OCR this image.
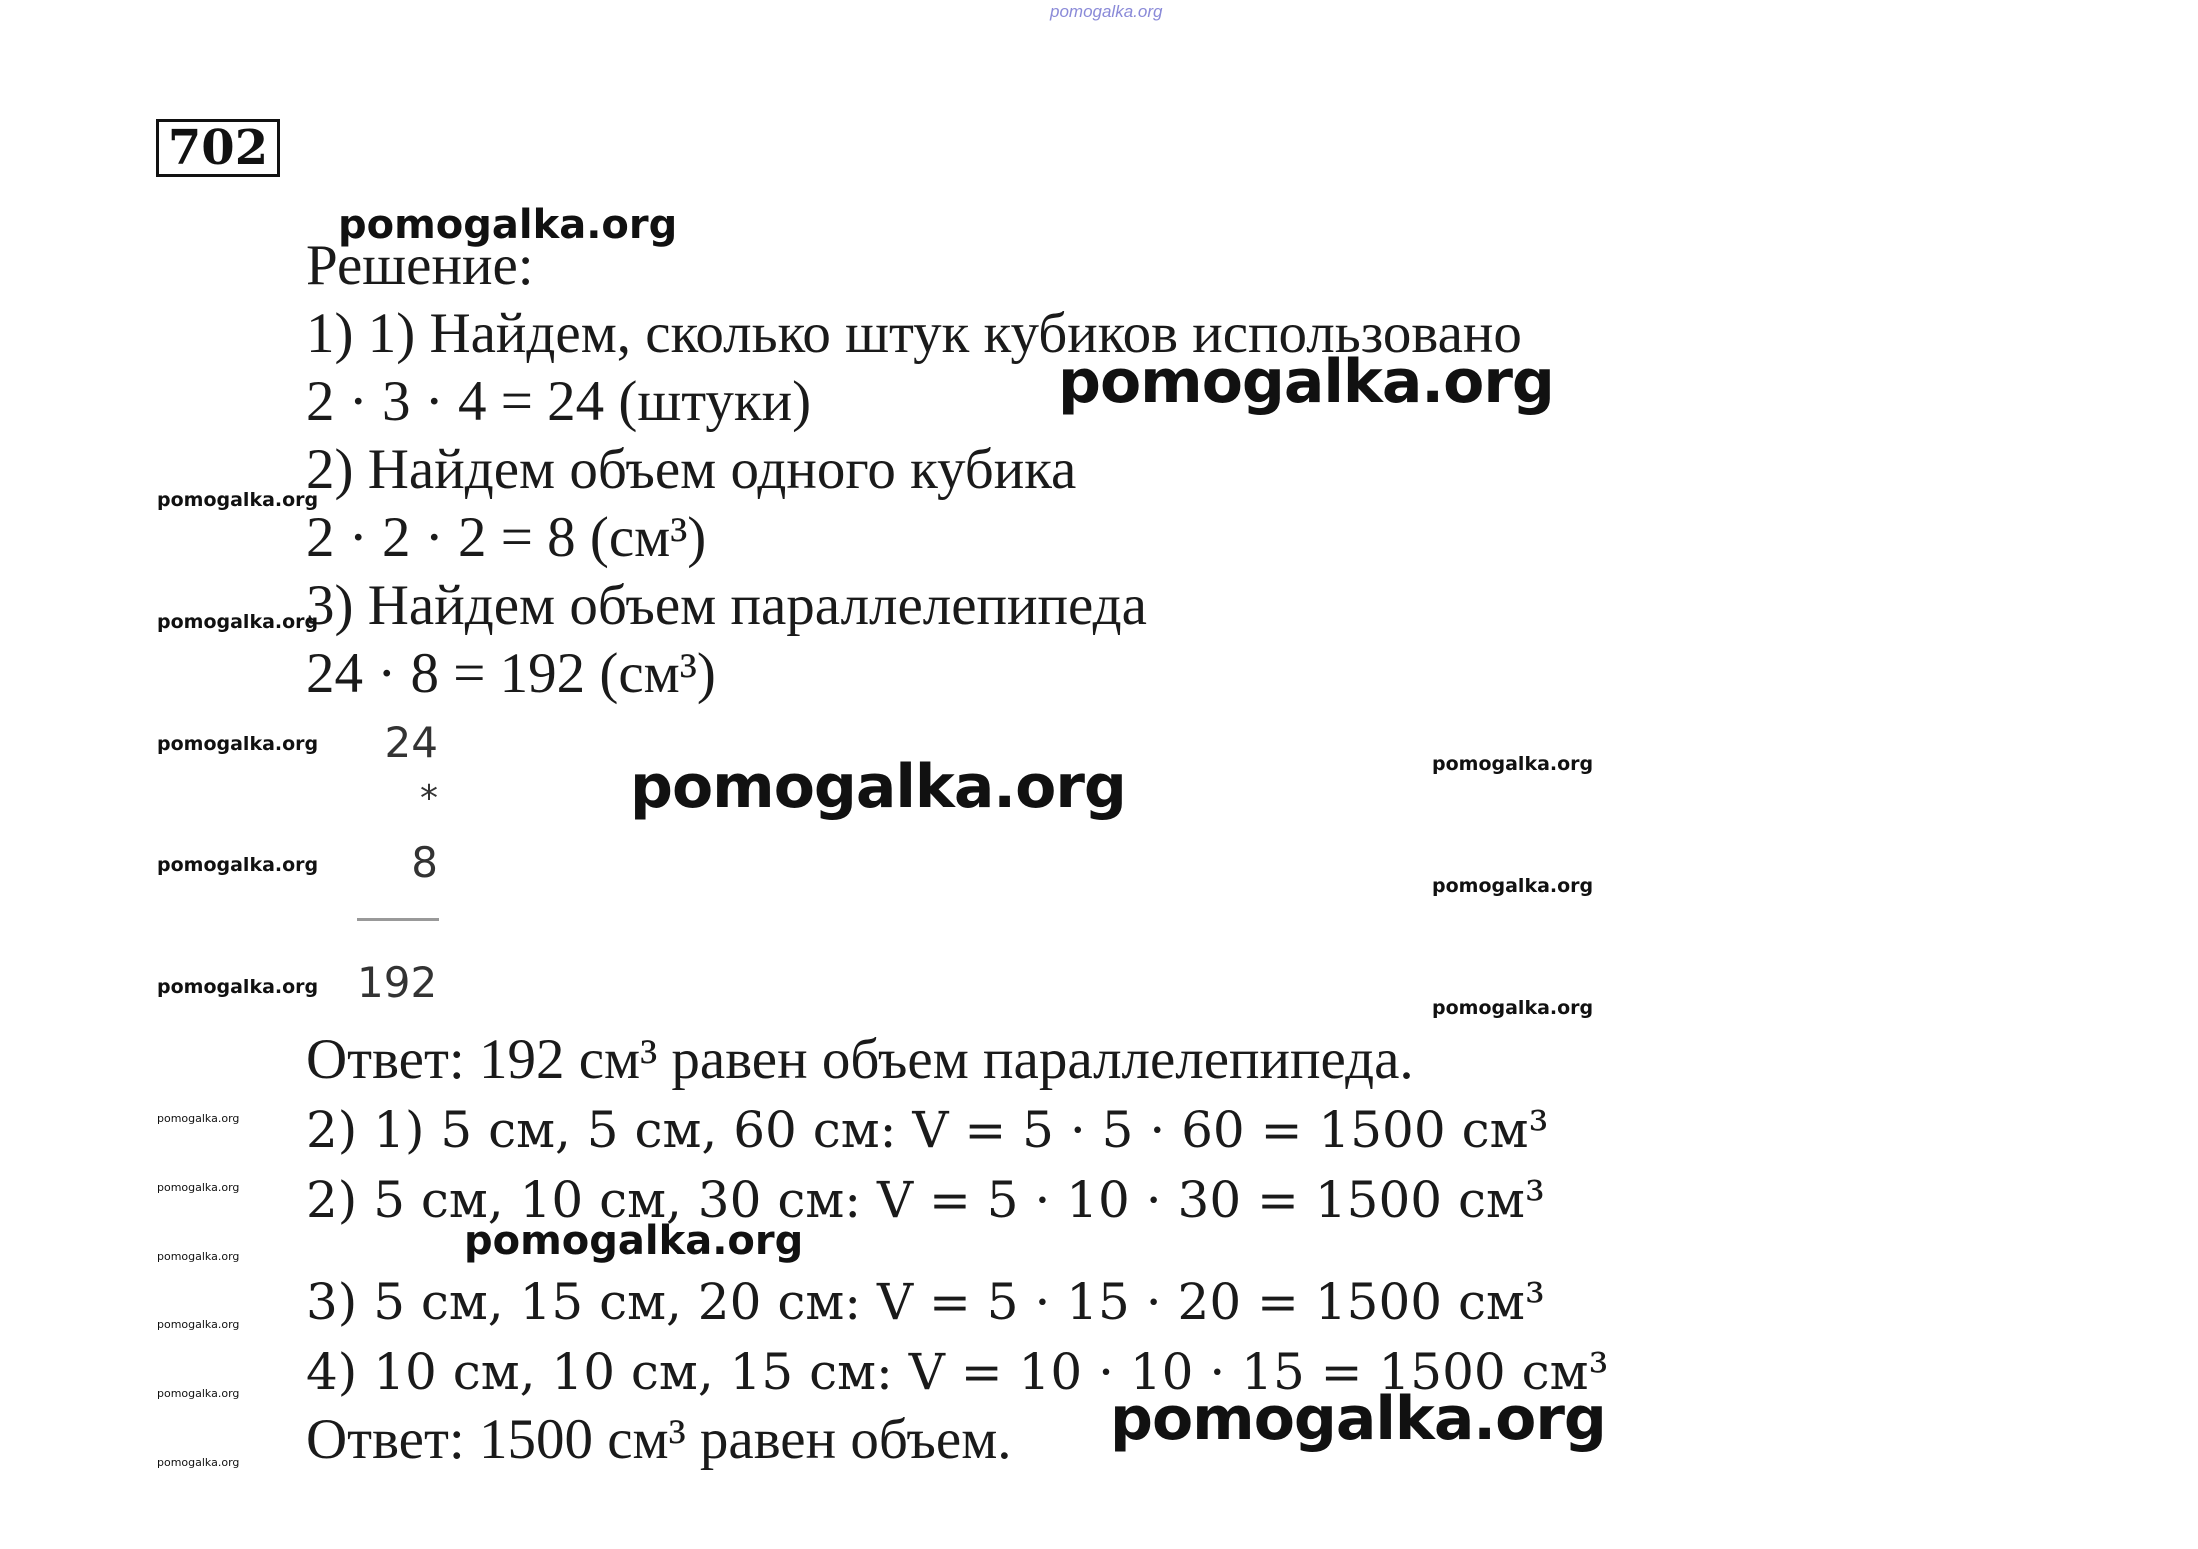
pomogalka.org
702
Решение:
1) 1) Найдем, сколько штук кубиков использовано
2 · 3 · 4 = 24 (штуки)
2) Найдем объем одного кубика
2 · 2 · 2 = 8 (см³)
3) Найдем объем параллелепипеда
24 · 8 = 192 (см³)
24
*
8
192
Ответ: 192 см³ равен объем параллелепипеда.
2) 1) 5 см, 5 см, 60 см: V = 5 · 5 · 60 = 1500 см³
2) 5 см, 10 см, 30 см: V = 5 · 10 · 30 = 1500 см³
3) 5 см, 15 см, 20 см: V = 5 · 15 · 20 = 1500 см³
4) 10 см, 10 см, 15 см: V = 10 · 10 · 15 = 1500 см³
Ответ: 1500 см³ равен объем.
pomogalka.org
pomogalka.org
pomogalka.org
pomogalka.org
pomogalka.org
pomogalka.org
pomogalka.org
pomogalka.org
pomogalka.org
pomogalka.org
pomogalka.org
pomogalka.org
pomogalka.org
pomogalka.org
pomogalka.org
pomogalka.org
pomogalka.org
pomogalka.org
pomogalka.org
